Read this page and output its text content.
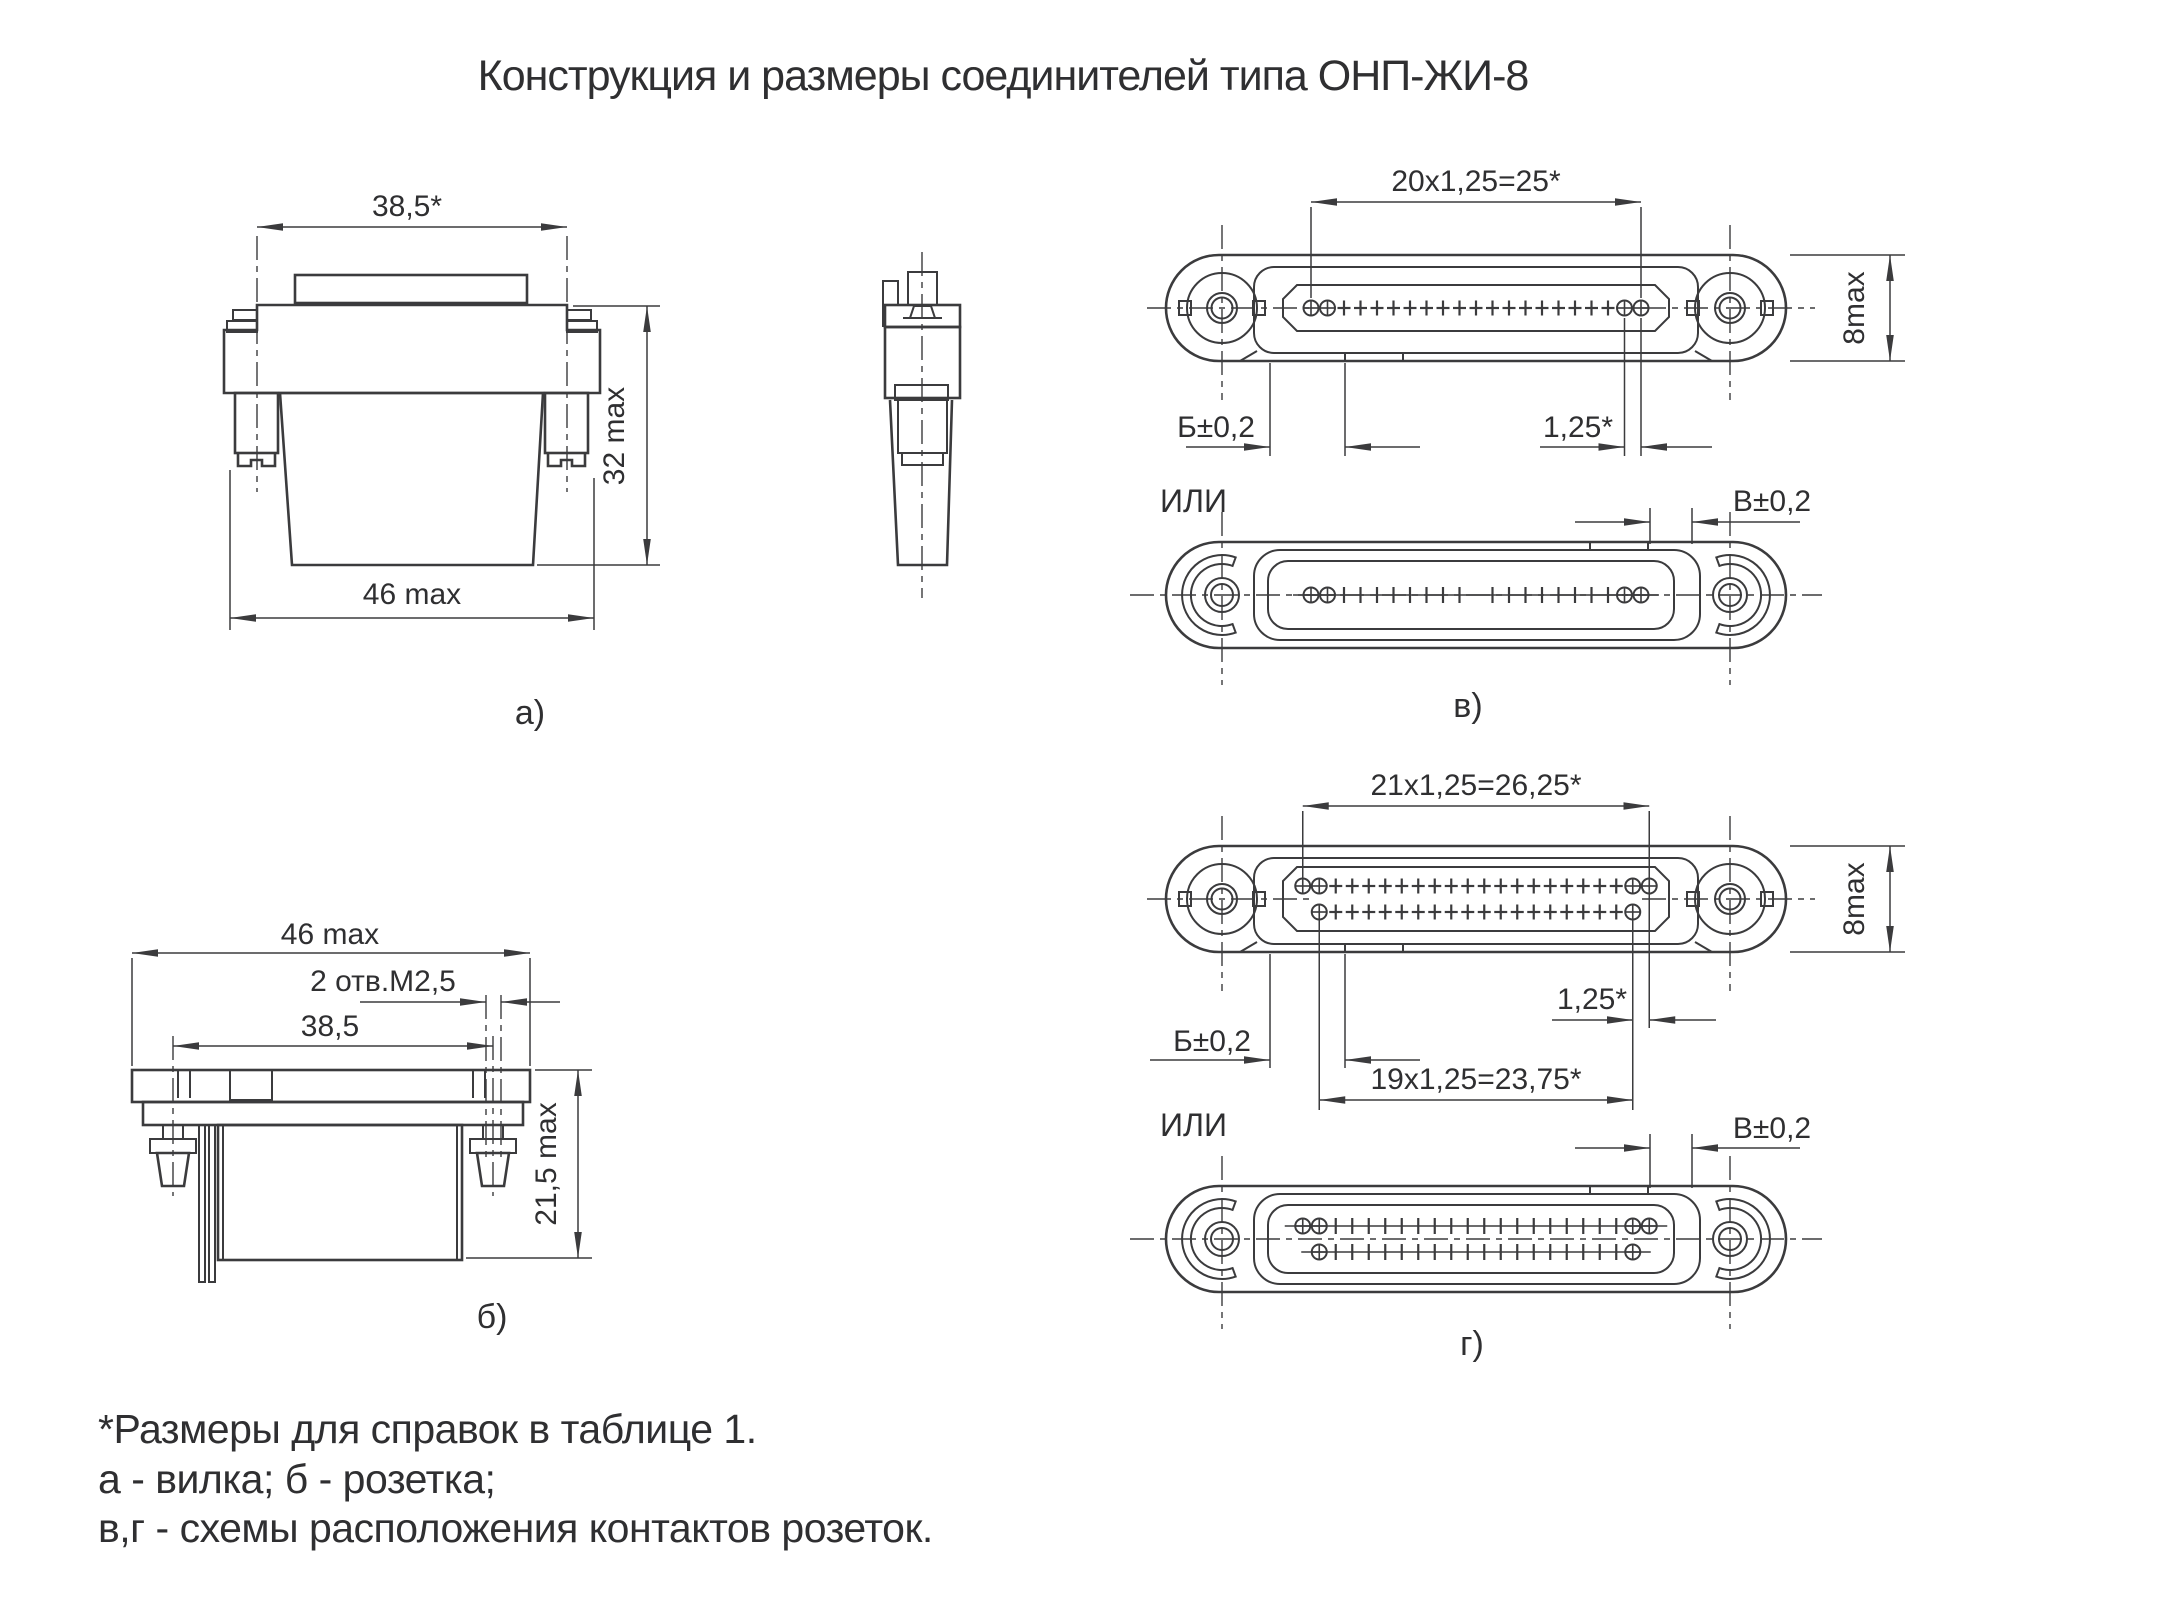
Конструкция и размеры соединителей типа ОНП-ЖИ-8
38,5*
32 max
46 max
а)
46 max
2 отв.М2,5
38,5
21,5 max
б)
20x1,25=25*
8max
Б±0,2	1,25*
ИЛИ	В±0,2
в)
21x1,25=26,25*
8max
Б±0,2
1,25*
19x1,25=23,75*
ИЛИ	В±0,2
г)
*Размеры для справок в таблице 1.
а - вилка; б - розетка;
в,г - схемы расположения контактов розеток.
